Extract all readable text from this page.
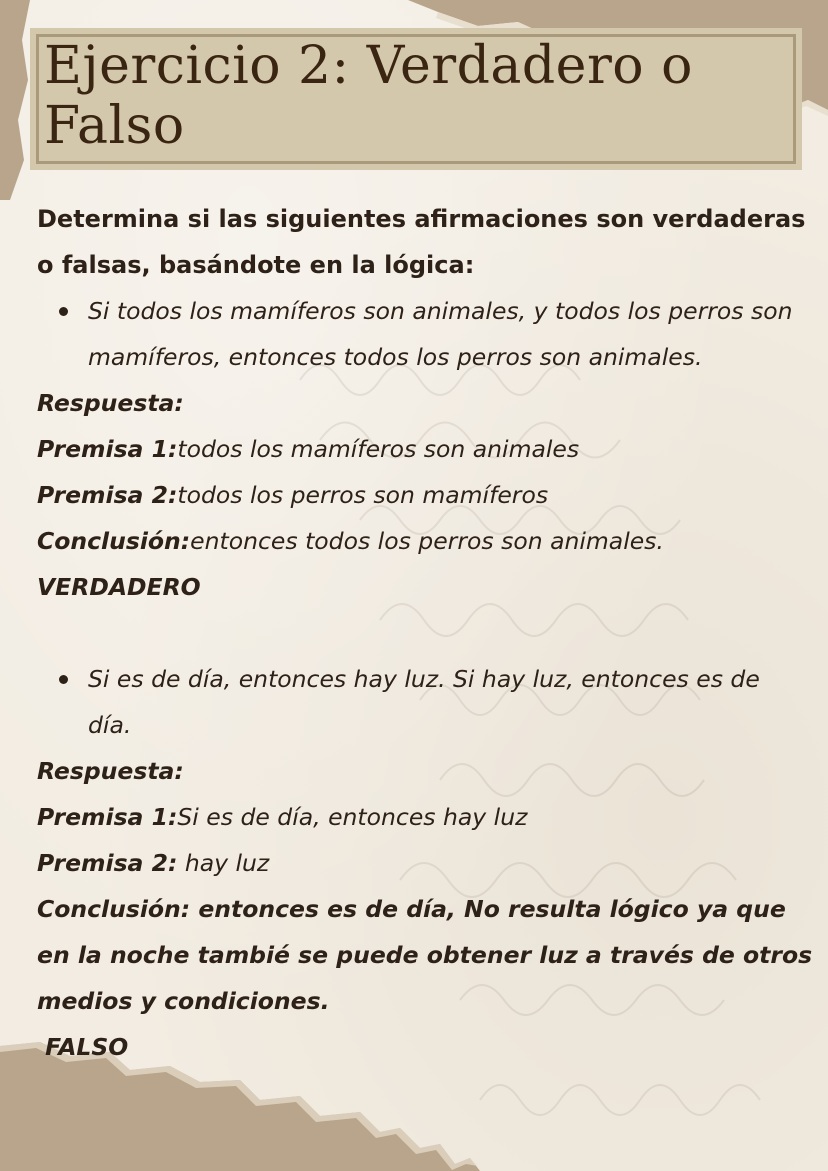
Ejercicio 2: Verdadero o Falso

Determina si las siguientes afirmaciones son verdaderas o falsas, basándote en la lógica:

Si todos los mamíferos son animales, y todos los perros son mamíferos, entonces todos los perros son animales.

Respuesta:

Premisa 1:todos los mamíferos son animales

Premisa 2:todos los perros son mamíferos

Conclusión:entonces todos los perros son animales.

VERDADERO

Si es de día, entonces hay luz. Si hay luz, entonces es de día.

Respuesta:

Premisa 1:Si es de día, entonces hay luz

Premisa 2: hay luz

Conclusión: entonces es de día, No resulta lógico ya que en la noche tambié se puede obtener luz a través de otros medios y condiciones.

FALSO
